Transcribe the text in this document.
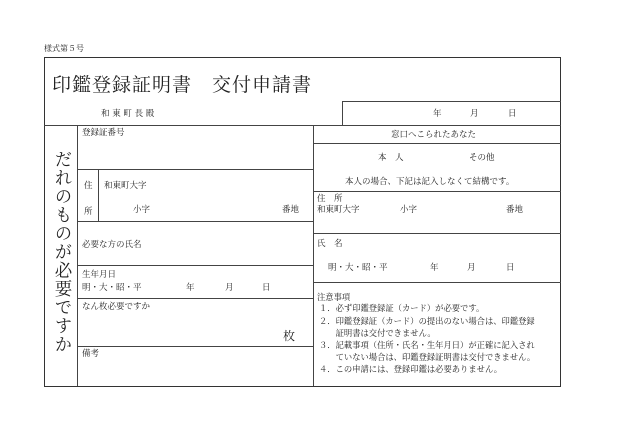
様式第５号
印鑑登録証明書　交付申請書
和 東 町 長 殿	年	月	日
だれのものが必要ですか
登録証番号
住
所
和東町大字
小字	番地
必要な方の氏名
生年月日
明・大・昭・平	年	月	日
なん枚必要ですか
枚
備考
窓口へこられたあなた
本　人	その他
本人の場合、下記は記入しなくて結構です。
住　所
和東町大字	小字	番地
氏　名
明・大・昭・平	年	月	日
注意事項
１．必ず印鑑登録証（カード）が必要です。
２．印鑑登録証（カード）の提出のない場合は、印鑑登録
　　証明書は交付できません。
３．記載事項（住所・氏名・生年月日）が正確に記入され
　　ていない場合は、印鑑登録証明書は交付できません。
４．この申請には、登録印鑑は必要ありません。
